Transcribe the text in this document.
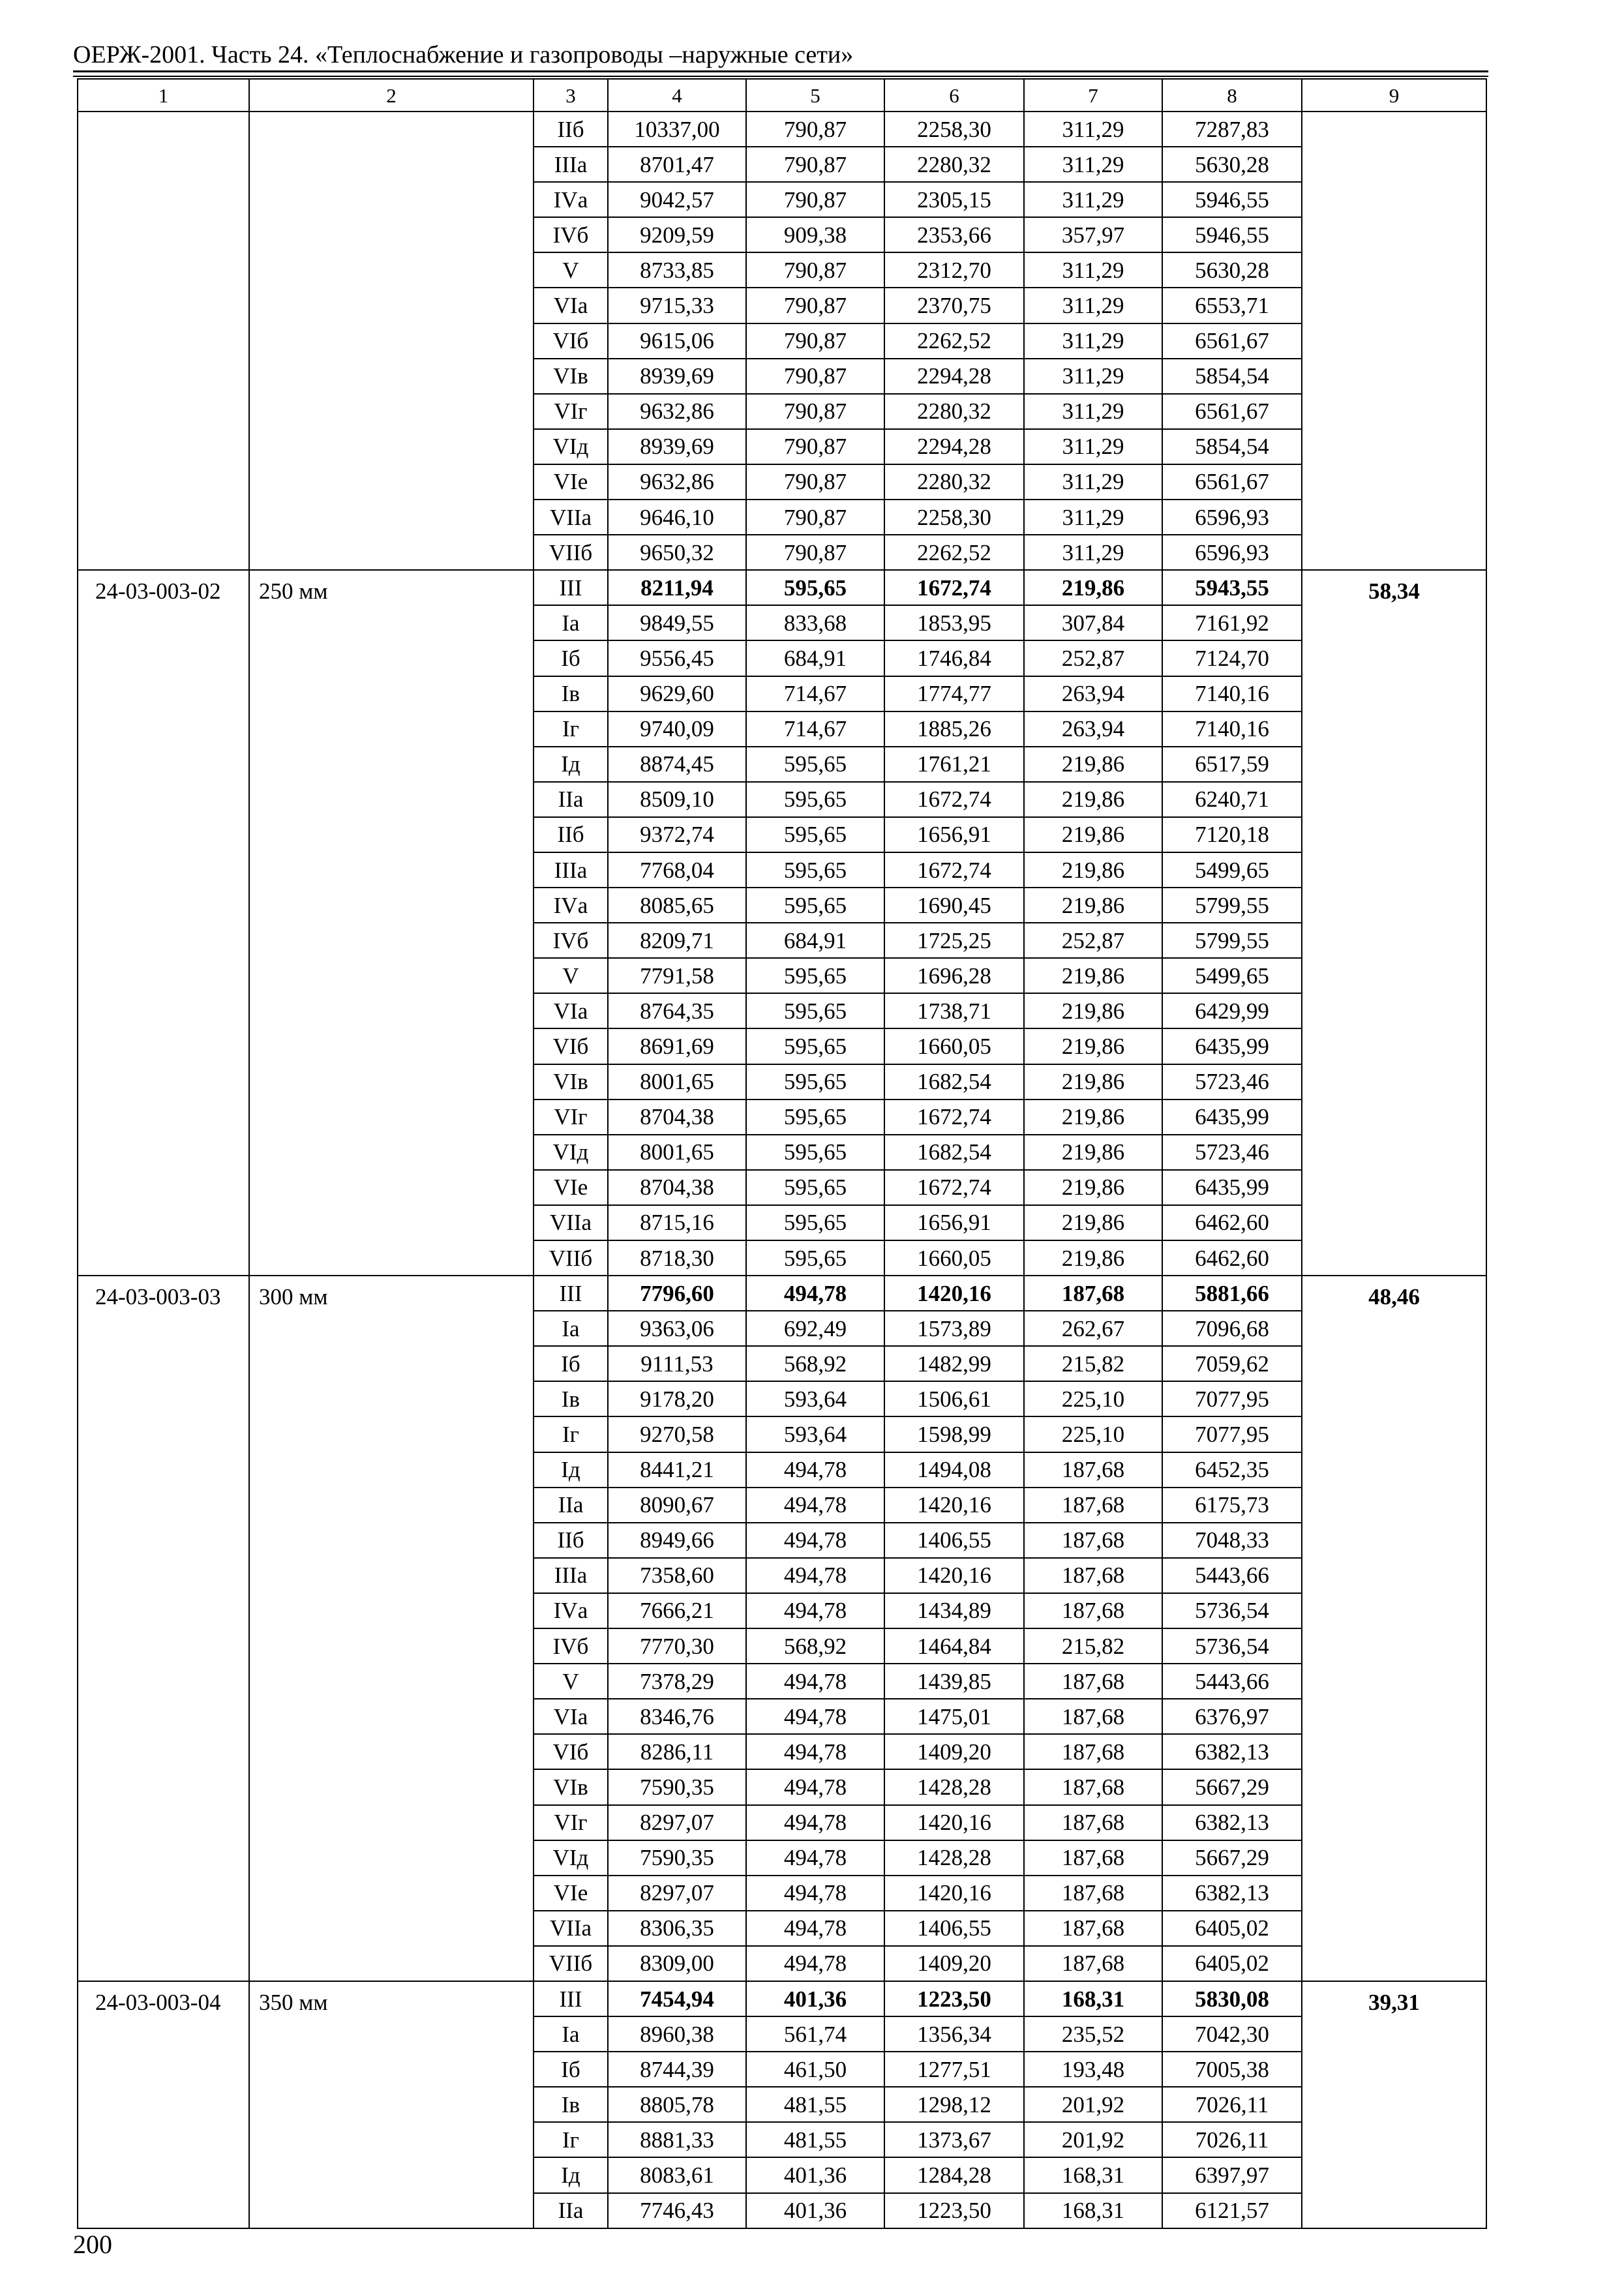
ОЕРЖ-2001. Часть 24. «Теплоснабжение и газопроводы –наружные сети»
1	2	3	4	5	6	7	8	9
		IIб	10337,00	790,87	2258,30	311,29	7287,83	
		IIIа	8701,47	790,87	2280,32	311,29	5630,28	
		IVа	9042,57	790,87	2305,15	311,29	5946,55	
		IVб	9209,59	909,38	2353,66	357,97	5946,55	
		V	8733,85	790,87	2312,70	311,29	5630,28	
		VIа	9715,33	790,87	2370,75	311,29	6553,71	
		VIб	9615,06	790,87	2262,52	311,29	6561,67	
		VIв	8939,69	790,87	2294,28	311,29	5854,54	
		VIг	9632,86	790,87	2280,32	311,29	6561,67	
		VIд	8939,69	790,87	2294,28	311,29	5854,54	
		VIе	9632,86	790,87	2280,32	311,29	6561,67	
		VIIа	9646,10	790,87	2258,30	311,29	6596,93	
		VIIб	9650,32	790,87	2262,52	311,29	6596,93	
24-03-003-02	250 мм	III	8211,94	595,65	1672,74	219,86	5943,55	58,34
		Iа	9849,55	833,68	1853,95	307,84	7161,92	
		Iб	9556,45	684,91	1746,84	252,87	7124,70	
		Iв	9629,60	714,67	1774,77	263,94	7140,16	
		Iг	9740,09	714,67	1885,26	263,94	7140,16	
		Iд	8874,45	595,65	1761,21	219,86	6517,59	
		IIа	8509,10	595,65	1672,74	219,86	6240,71	
		IIб	9372,74	595,65	1656,91	219,86	7120,18	
		IIIа	7768,04	595,65	1672,74	219,86	5499,65	
		IVа	8085,65	595,65	1690,45	219,86	5799,55	
		IVб	8209,71	684,91	1725,25	252,87	5799,55	
		V	7791,58	595,65	1696,28	219,86	5499,65	
		VIа	8764,35	595,65	1738,71	219,86	6429,99	
		VIб	8691,69	595,65	1660,05	219,86	6435,99	
		VIв	8001,65	595,65	1682,54	219,86	5723,46	
		VIг	8704,38	595,65	1672,74	219,86	6435,99	
		VIд	8001,65	595,65	1682,54	219,86	5723,46	
		VIе	8704,38	595,65	1672,74	219,86	6435,99	
		VIIа	8715,16	595,65	1656,91	219,86	6462,60	
		VIIб	8718,30	595,65	1660,05	219,86	6462,60	
24-03-003-03	300 мм	III	7796,60	494,78	1420,16	187,68	5881,66	48,46
		Iа	9363,06	692,49	1573,89	262,67	7096,68	
		Iб	9111,53	568,92	1482,99	215,82	7059,62	
		Iв	9178,20	593,64	1506,61	225,10	7077,95	
		Iг	9270,58	593,64	1598,99	225,10	7077,95	
		Iд	8441,21	494,78	1494,08	187,68	6452,35	
		IIа	8090,67	494,78	1420,16	187,68	6175,73	
		IIб	8949,66	494,78	1406,55	187,68	7048,33	
		IIIа	7358,60	494,78	1420,16	187,68	5443,66	
		IVа	7666,21	494,78	1434,89	187,68	5736,54	
		IVб	7770,30	568,92	1464,84	215,82	5736,54	
		V	7378,29	494,78	1439,85	187,68	5443,66	
		VIа	8346,76	494,78	1475,01	187,68	6376,97	
		VIб	8286,11	494,78	1409,20	187,68	6382,13	
		VIв	7590,35	494,78	1428,28	187,68	5667,29	
		VIг	8297,07	494,78	1420,16	187,68	6382,13	
		VIд	7590,35	494,78	1428,28	187,68	5667,29	
		VIе	8297,07	494,78	1420,16	187,68	6382,13	
		VIIа	8306,35	494,78	1406,55	187,68	6405,02	
		VIIб	8309,00	494,78	1409,20	187,68	6405,02	
24-03-003-04	350 мм	III	7454,94	401,36	1223,50	168,31	5830,08	39,31
		Iа	8960,38	561,74	1356,34	235,52	7042,30	
		Iб	8744,39	461,50	1277,51	193,48	7005,38	
		Iв	8805,78	481,55	1298,12	201,92	7026,11	
		Iг	8881,33	481,55	1373,67	201,92	7026,11	
		Iд	8083,61	401,36	1284,28	168,31	6397,97	
		IIа	7746,43	401,36	1223,50	168,31	6121,57	
200
